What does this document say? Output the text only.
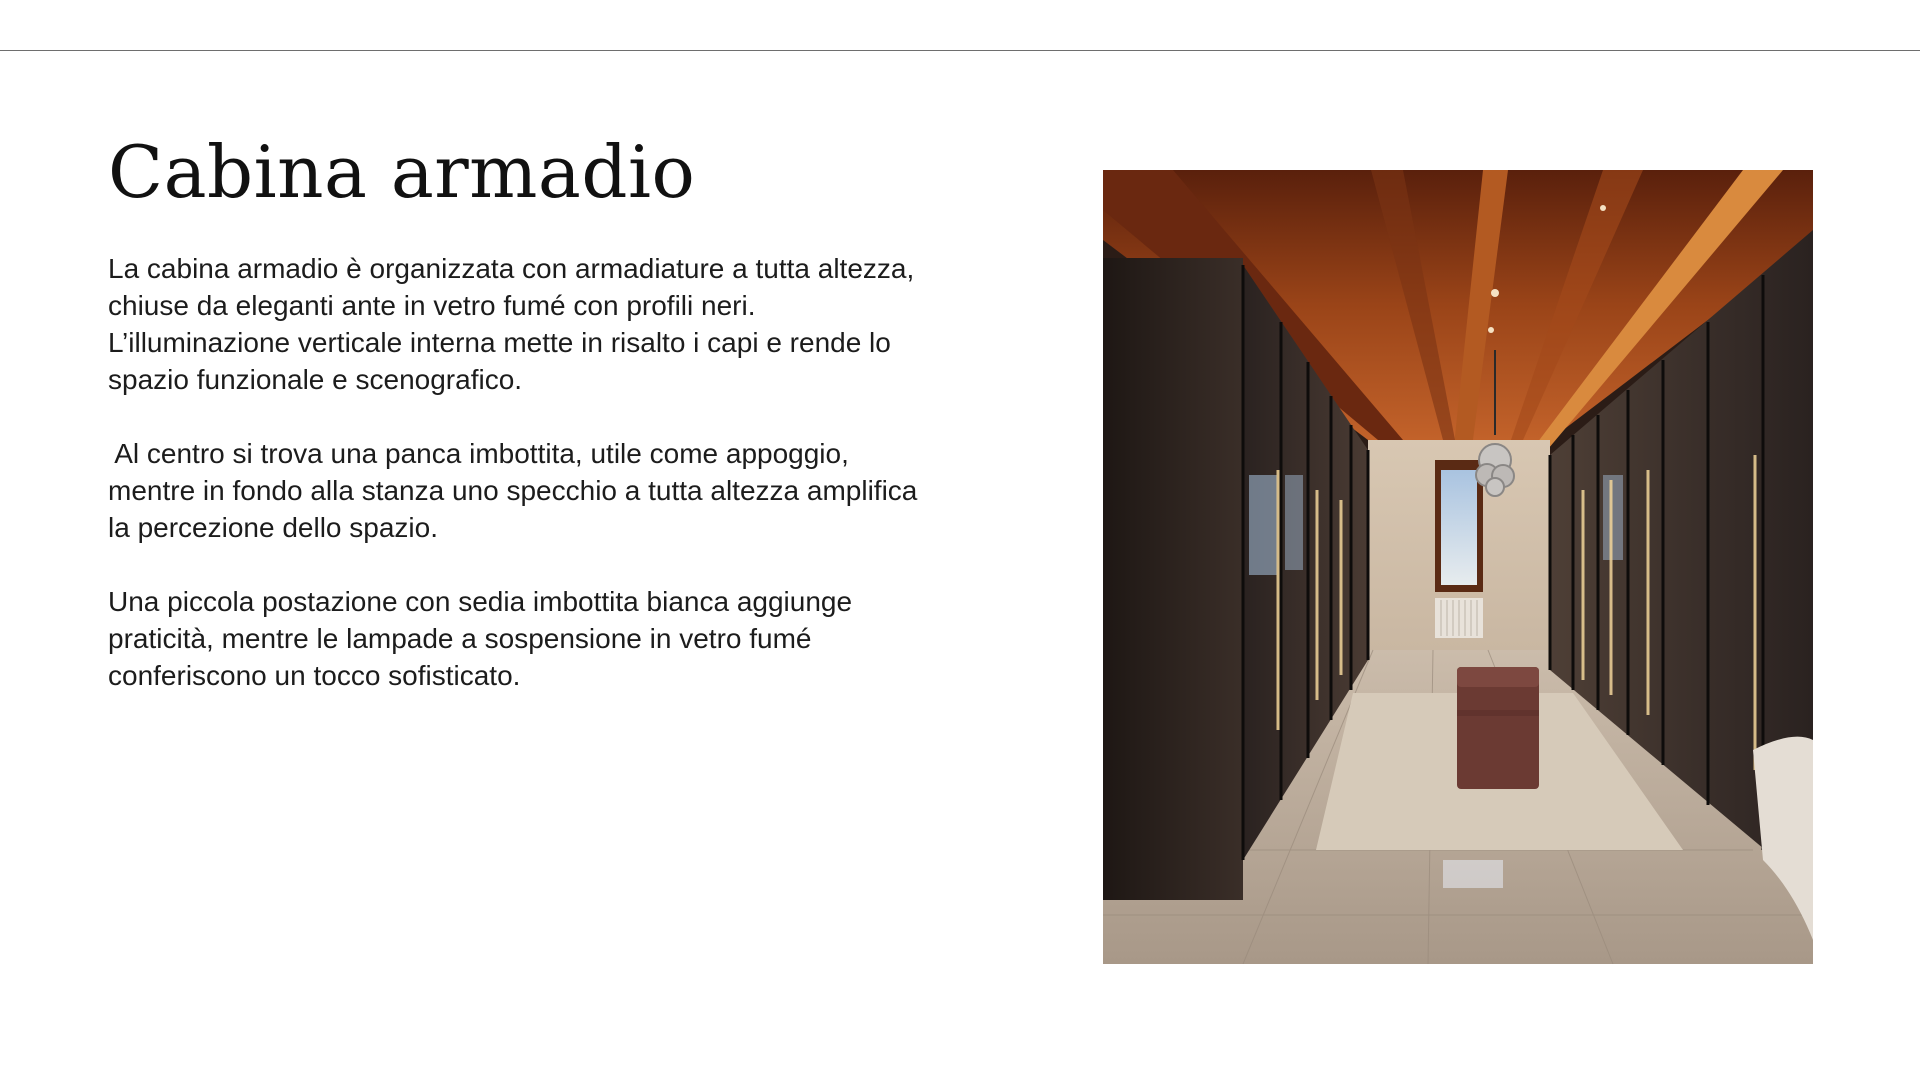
Cabina armadio

La cabina armadio è organizzata con armadiature a tutta altezza,
chiuse da eleganti ante in vetro fumé con profili neri.
L’illuminazione verticale interna mette in risalto i capi e rende lo
spazio funzionale e scenografico.

Al centro si trova una panca imbottita, utile come appoggio,
mentre in fondo alla stanza uno specchio a tutta altezza amplifica
la percezione dello spazio.

Una piccola postazione con sedia imbottita bianca aggiunge
praticità, mentre le lampade a sospensione in vetro fumé
conferiscono un tocco sofisticato.
